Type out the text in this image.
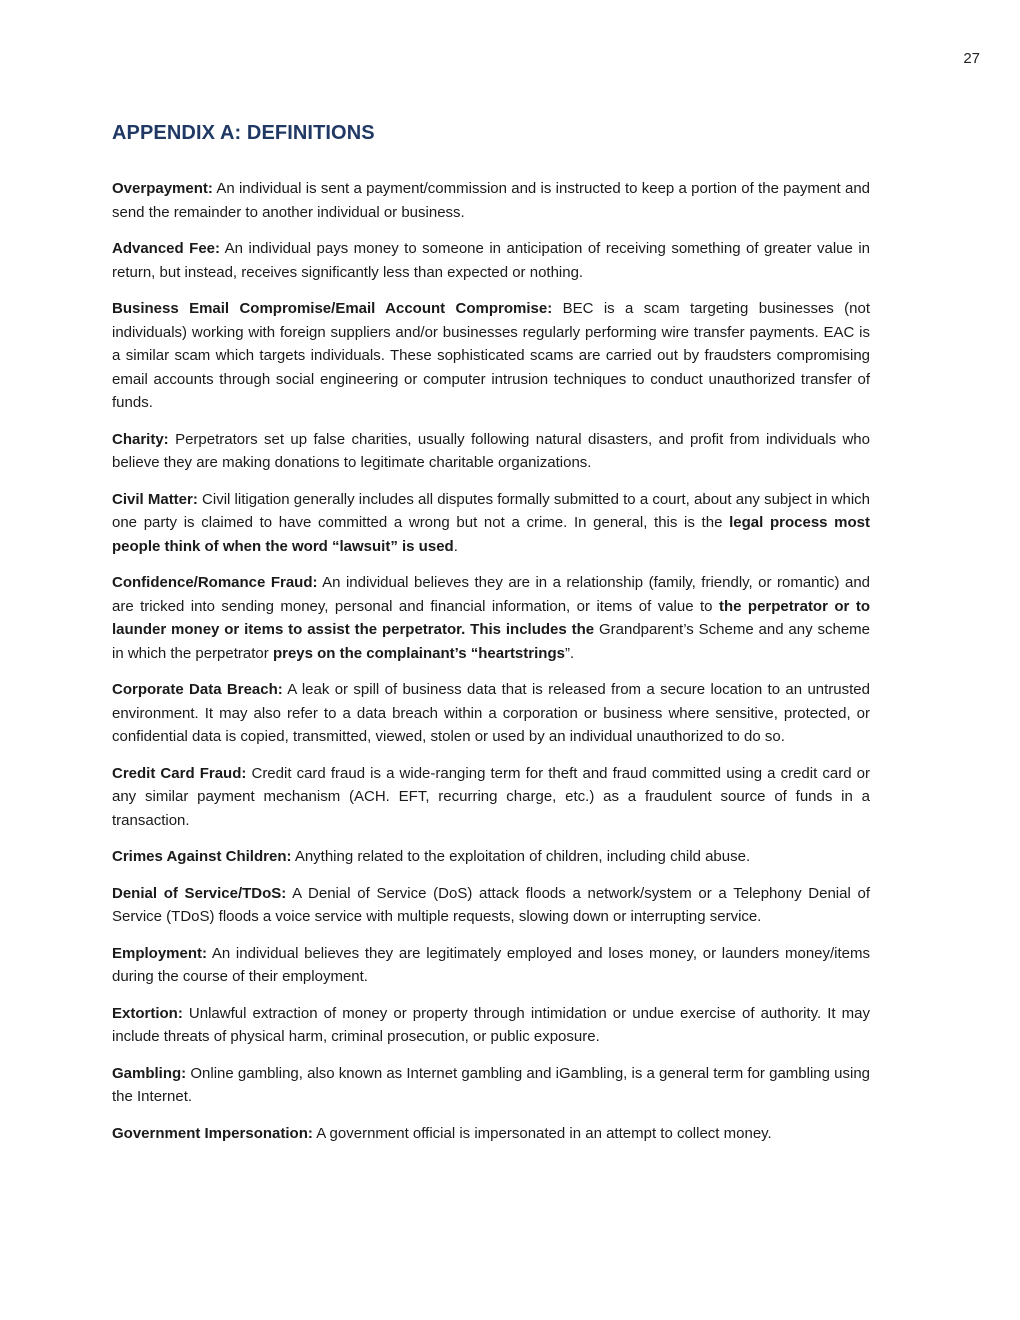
27
APPENDIX A: DEFINITIONS

Overpayment: An individual is sent a payment/commission and is instructed to keep a portion of the payment and send the remainder to another individual or business.

Advanced Fee: An individual pays money to someone in anticipation of receiving something of greater value in return, but instead, receives significantly less than expected or nothing.

Business Email Compromise/Email Account Compromise: BEC is a scam targeting businesses (not individuals) working with foreign suppliers and/or businesses regularly performing wire transfer payments. EAC is a similar scam which targets individuals. These sophisticated scams are carried out by fraudsters compromising email accounts through social engineering or computer intrusion techniques to conduct unauthorized transfer of funds.

Charity: Perpetrators set up false charities, usually following natural disasters, and profit from individuals who believe they are making donations to legitimate charitable organizations.

Civil Matter: Civil litigation generally includes all disputes formally submitted to a court, about any subject in which one party is claimed to have committed a wrong but not a crime. In general, this is the legal process most people think of when the word “lawsuit” is used.

Confidence/Romance Fraud: An individual believes they are in a relationship (family, friendly, or romantic) and are tricked into sending money, personal and financial information, or items of value to the perpetrator or to launder money or items to assist the perpetrator. This includes the Grandparent’s Scheme and any scheme in which the perpetrator preys on the complainant’s “heartstrings”.

Corporate Data Breach: A leak or spill of business data that is released from a secure location to an untrusted environment. It may also refer to a data breach within a corporation or business where sensitive, protected, or confidential data is copied, transmitted, viewed, stolen or used by an individual unauthorized to do so.

Credit Card Fraud: Credit card fraud is a wide-ranging term for theft and fraud committed using a credit card or any similar payment mechanism (ACH. EFT, recurring charge, etc.) as a fraudulent source of funds in a transaction.

Crimes Against Children: Anything related to the exploitation of children, including child abuse.

Denial of Service/TDoS: A Denial of Service (DoS) attack floods a network/system or a Telephony Denial of Service (TDoS) floods a voice service with multiple requests, slowing down or interrupting service.

Employment: An individual believes they are legitimately employed and loses money, or launders money/items during the course of their employment.

Extortion: Unlawful extraction of money or property through intimidation or undue exercise of authority. It may include threats of physical harm, criminal prosecution, or public exposure.

Gambling: Online gambling, also known as Internet gambling and iGambling, is a general term for gambling using the Internet.

Government Impersonation: A government official is impersonated in an attempt to collect money.
